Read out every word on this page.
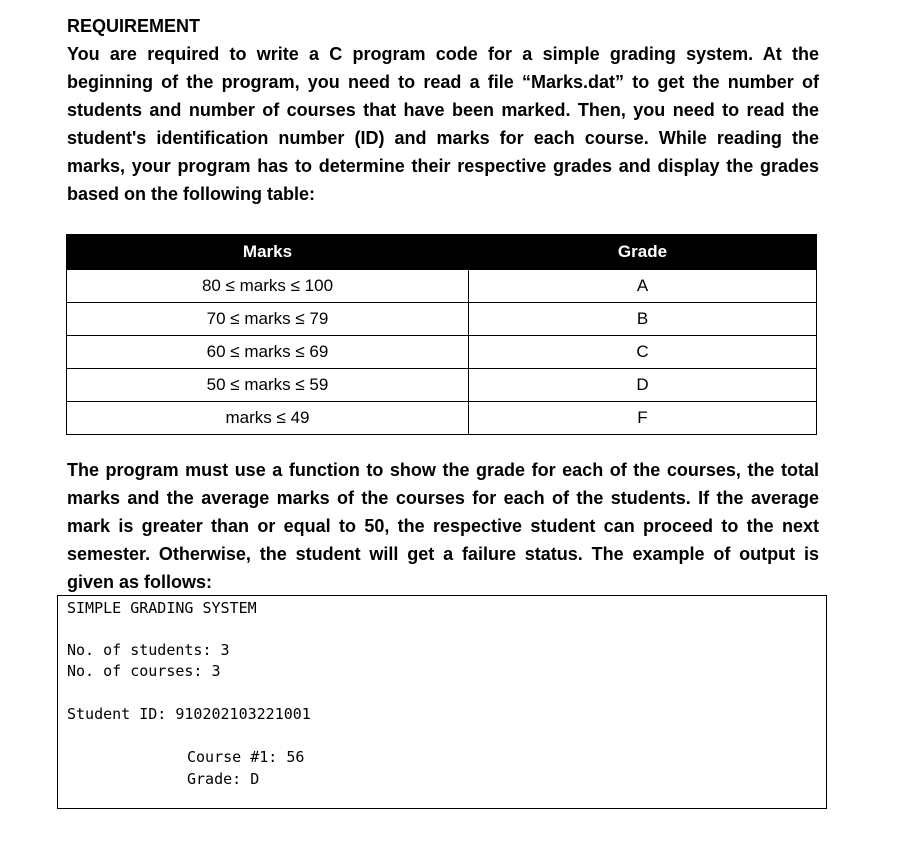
REQUIREMENT

You are required to write a C program code for a simple grading system. At the beginning of the program, you need to read a file “Marks.dat” to get the number of students and number of courses that have been marked. Then, you need to read the student's identification number (ID) and marks for each course. While reading the marks, your program has to determine their respective grades and display the grades based on the following table:

Marks	Grade
80 ≤ marks ≤ 100	A
70 ≤ marks ≤ 79	B
60 ≤ marks ≤ 69	C
50 ≤ marks ≤ 59	D
marks ≤ 49	F

The program must use a function to show the grade for each of the courses, the total marks and the average marks of the courses for each of the students. If the average mark is greater than or equal to 50, the respective student can proceed to the next semester. Otherwise, the student will get a failure status. The example of output is given as follows:

SIMPLE GRADING SYSTEM
No. of students: 3
No. of courses: 3
Student ID: 910202103221001
Course #1: 56
Grade: D
